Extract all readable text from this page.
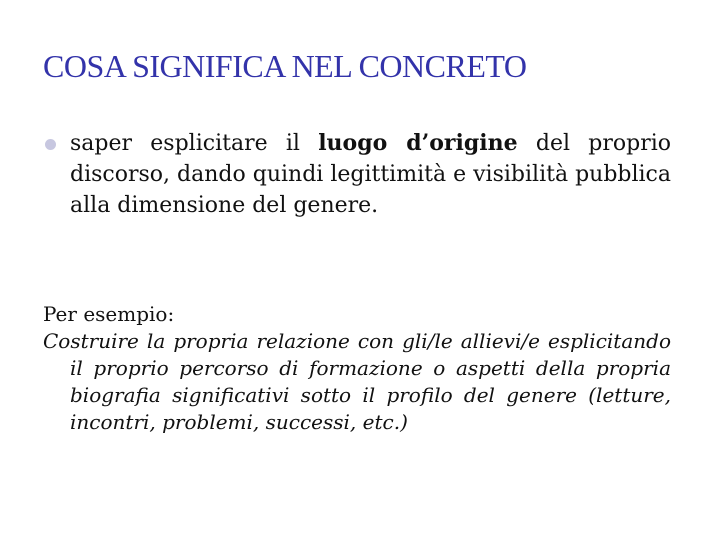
COSA SIGNIFICA NEL CONCRETO
saper esplicitare il luogo d’origine del proprio discorso, dando quindi legittimità e visibilità pubblica alla dimensione del genere.

Per esempio:

Costruire la propria relazione con gli/le allievi/e esplicitando il proprio percorso di formazione o aspetti della propria biografia significativi sotto il profilo del genere (letture, incontri, problemi, successi, etc.)
